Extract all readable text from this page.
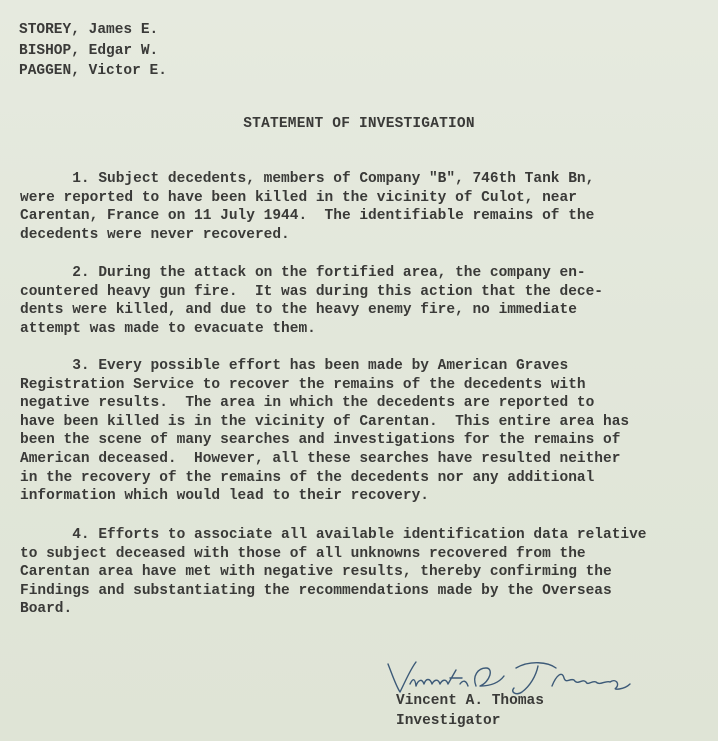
STOREY, James E.
BISHOP, Edgar W.
PAGGEN, Victor E.
STATEMENT OF INVESTIGATION
1. Subject decedents, members of Company "B", 746th Tank Bn,
were reported to have been killed in the vicinity of Culot, near
Carentan, France on 11 July 1944.  The identifiable remains of the
decedents were never recovered.
2. During the attack on the fortified area, the company en-
countered heavy gun fire.  It was during this action that the dece-
dents were killed, and due to the heavy enemy fire, no immediate
attempt was made to evacuate them.
3. Every possible effort has been made by American Graves
Registration Service to recover the remains of the decedents with
negative results.  The area in which the decedents are reported to
have been killed is in the vicinity of Carentan.  This entire area has
been the scene of many searches and investigations for the remains of
American deceased.  However, all these searches have resulted neither
in the recovery of the remains of the decedents nor any additional
information which would lead to their recovery.
4. Efforts to associate all available identification data relative
to subject deceased with those of all unknowns recovered from the
Carentan area have met with negative results, thereby confirming the
Findings and substantiating the recommendations made by the Overseas
Board.
Vincent A. Thomas
Investigator
